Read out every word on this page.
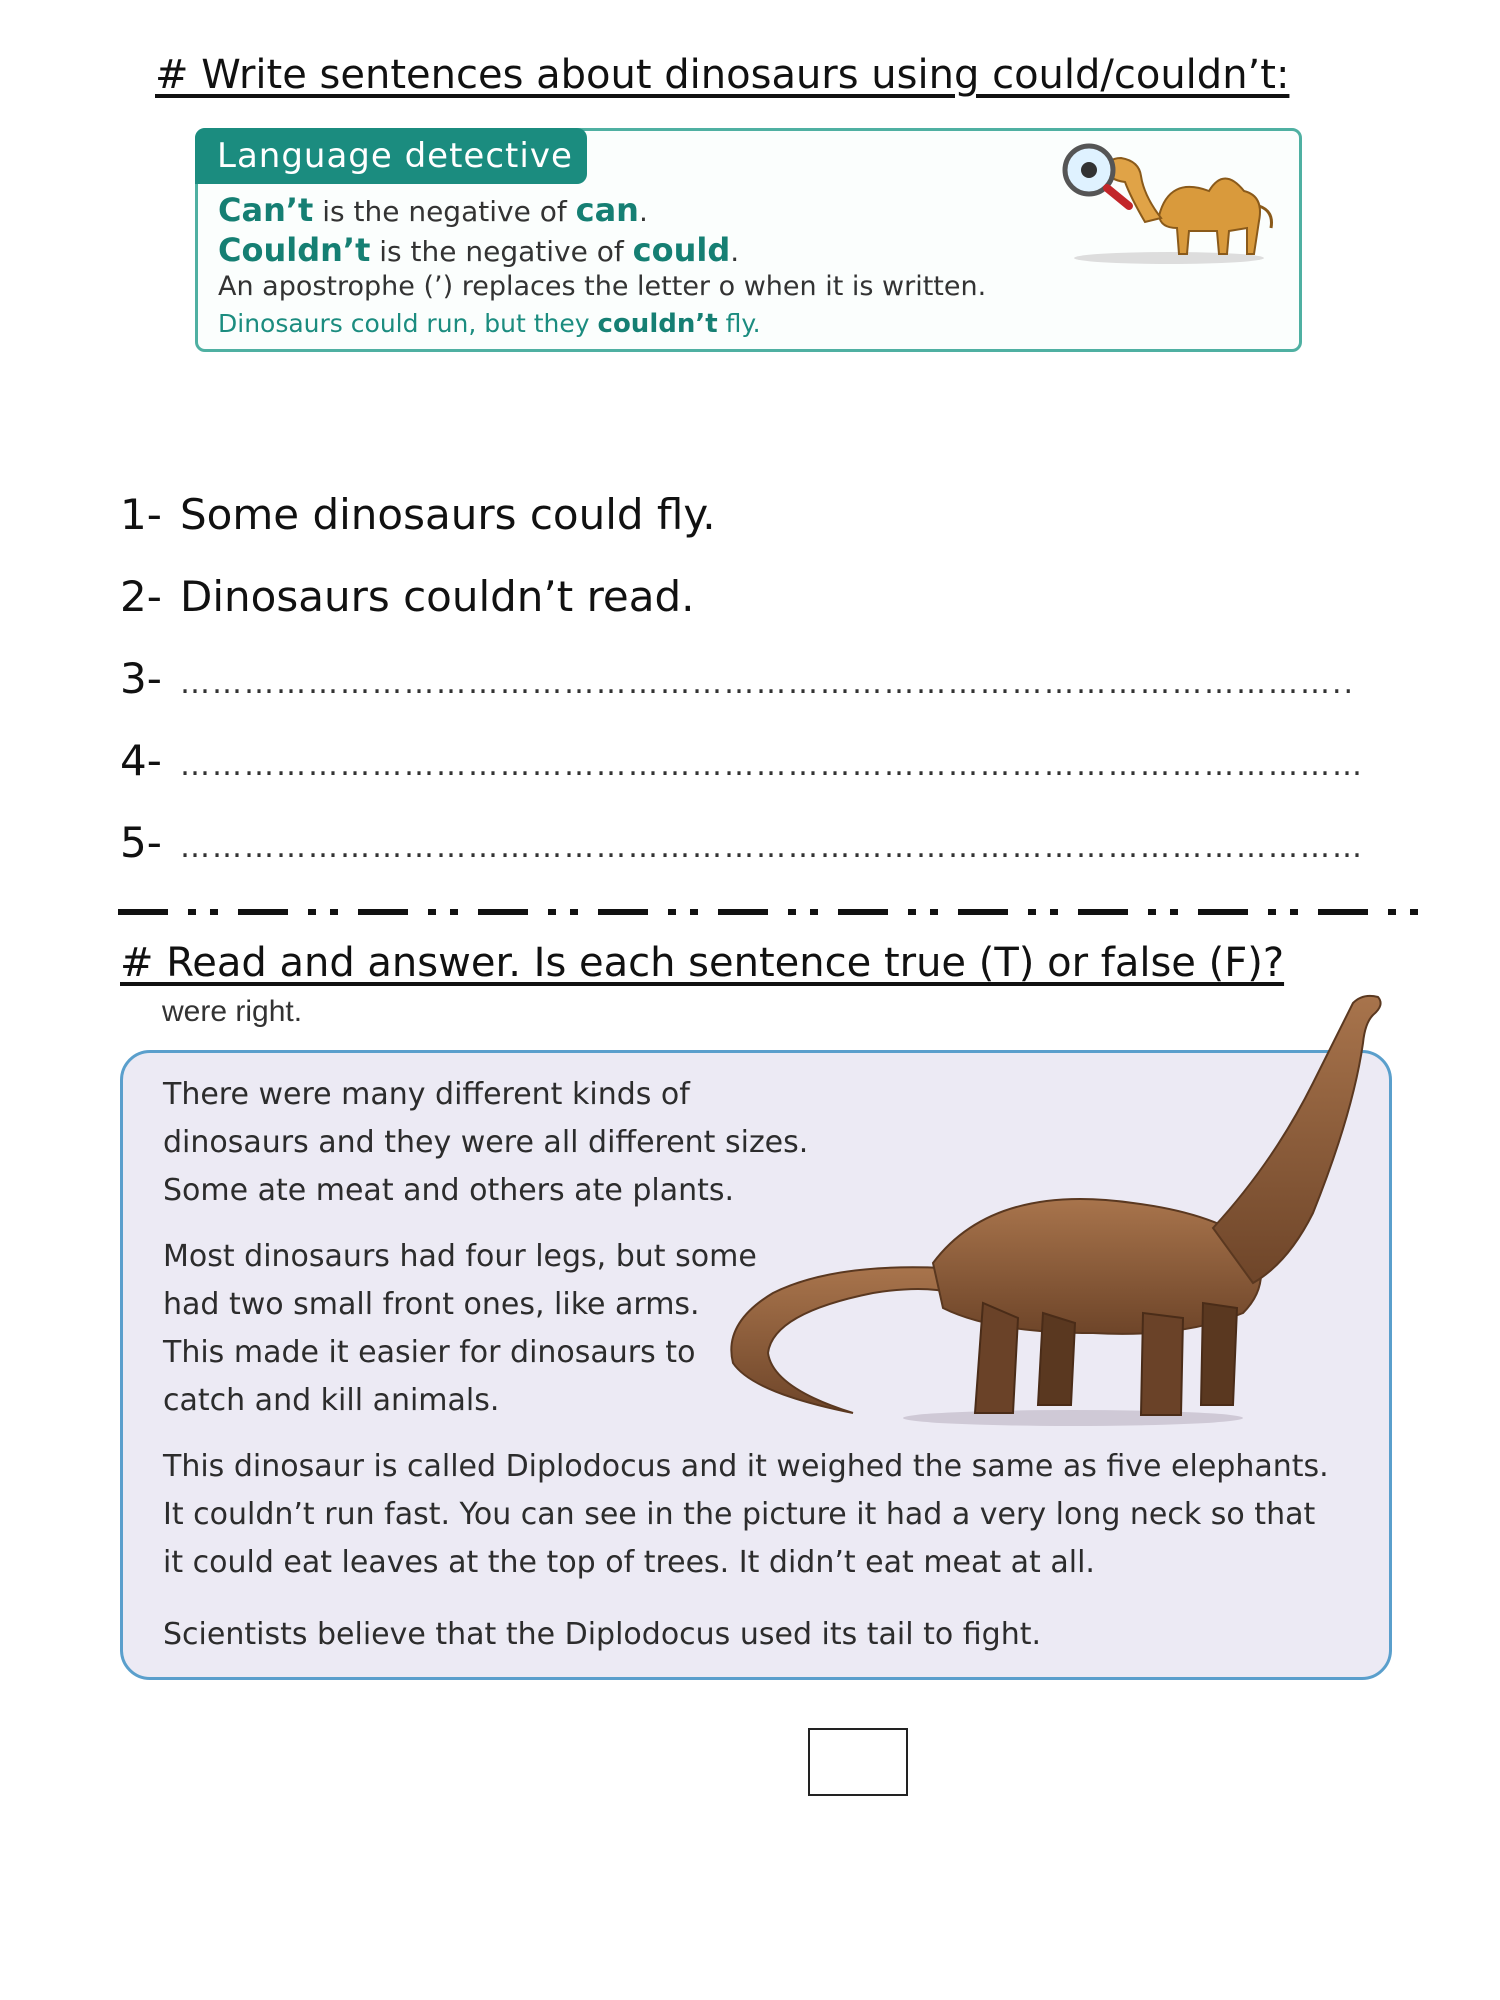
# Write sentences about dinosaurs using could/couldn’t:
Language detective
Can’t is the negative of can.
Couldn’t is the negative of could.
An apostrophe (’) replaces the letter o when it is written.
Dinosaurs could run, but they couldn’t fly.
1- Some dinosaurs could fly.
2- Dinosaurs couldn’t read.
3- ………………………………………………………………………………………………..
4- …………………………………………………………………………………………………
5- …………………………………………………………………………………………………
# Read and answer. Is each sentence true (T) or false (F)?
were right.
There were many different kinds of
dinosaurs and they were all different sizes.
Some ate meat and others ate plants.
Most dinosaurs had four legs, but some
had two small front ones, like arms.
This made it easier for dinosaurs to
catch and kill animals.
This dinosaur is called Diplodocus and it weighed the same as five elephants.
It couldn’t run fast. You can see in the picture it had a very long neck so that
it could eat leaves at the top of trees. It didn’t eat meat at all.
Scientists believe that the Diplodocus used its tail to fight.
